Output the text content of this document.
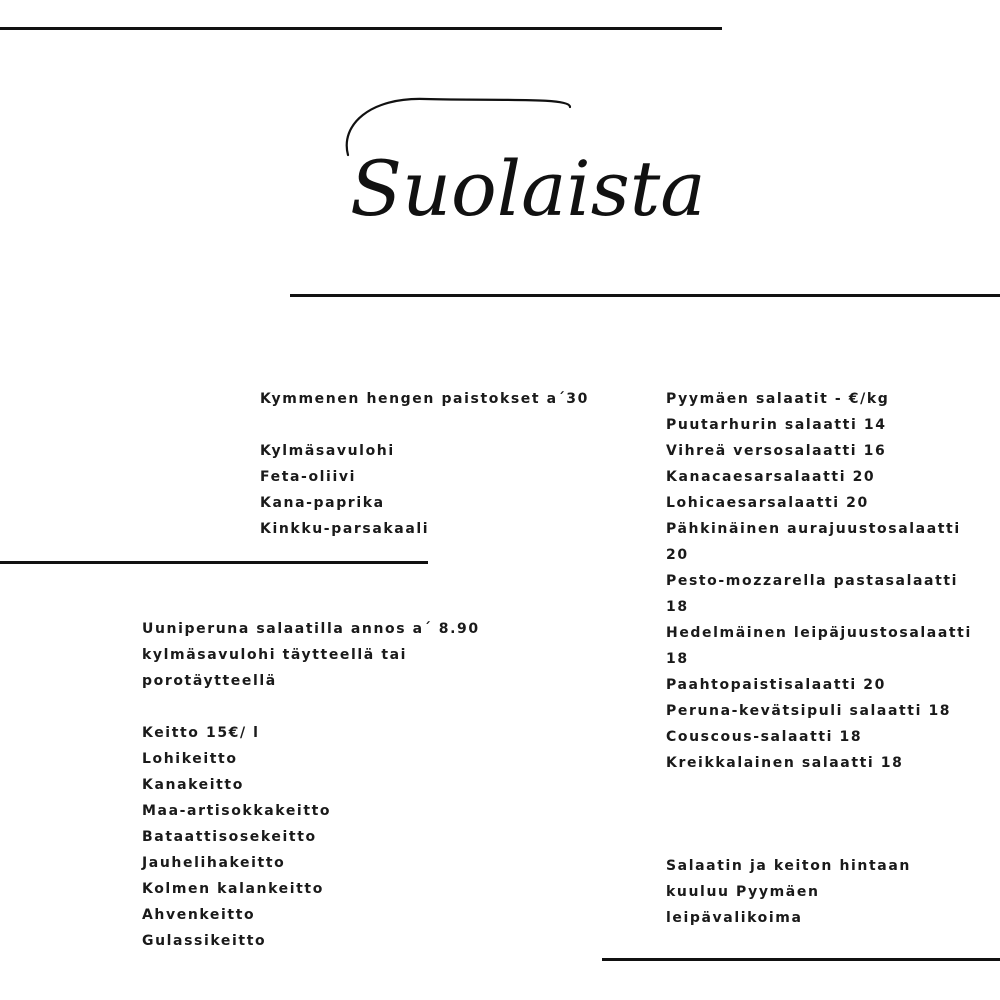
Suolaista
Kymmenen hengen paistokset a´30
Kylmäsavulohi
Feta-oliivi
Kana-paprika
Kinkku-parsakaali
Uuniperuna salaatilla annos a´ 8.90
kylmäsavulohi täytteellä tai
porotäytteellä
Keitto 15€/ l
Lohikeitto
Kanakeitto
Maa-artisokkakeitto
Bataattisosekeitto
Jauhelihakeitto
Kolmen kalankeitto
Ahvenkeitto
Gulassikeitto
Pyymäen salaatit - €/kg
Puutarhurin salaatti 14
Vihreä versosalaatti 16
Kanacaesarsalaatti 20
Lohicaesarsalaatti 20
Pähkinäinen aurajuustosalaatti
20
Pesto-mozzarella pastasalaatti
18
Hedelmäinen leipäjuustosalaatti
18
Paahtopaistisalaatti 20
Peruna-kevätsipuli salaatti 18
Couscous-salaatti 18
Kreikkalainen salaatti 18
Salaatin ja keiton hintaan
kuuluu Pyymäen
leipävalikoima
